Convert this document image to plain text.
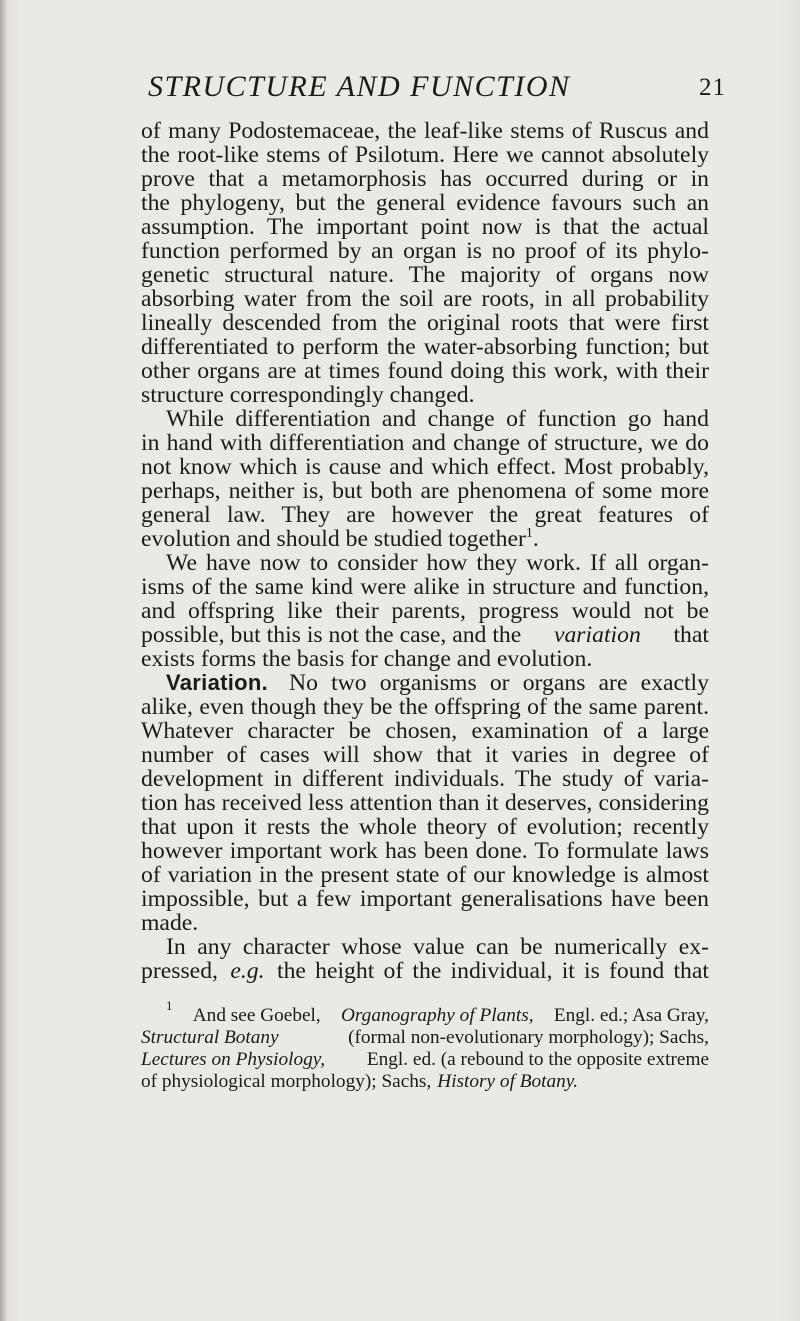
STRUCTURE AND FUNCTION	21
of many Podostemaceae, the leaf-like stems of Ruscus and
the root-like stems of Psilotum. Here we cannot absolutely
prove that a metamorphosis has occurred during or in
the phylogeny, but the general evidence favours such an
assumption. The important point now is that the actual
function performed by an organ is no proof of its phylo-
genetic structural nature. The majority of organs now
absorbing water from the soil are roots, in all probability
lineally descended from the original roots that were first
differentiated to perform the water-absorbing function; but
other organs are at times found doing this work, with their
structure correspondingly changed.
While differentiation and change of function go hand
in hand with differentiation and change of structure, we do
not know which is cause and which effect. Most probably,
perhaps, neither is, but both are phenomena of some more
general law. They are however the great features of
evolution and should be studied together$^1$.
We have now to consider how they work. If all organ-
isms of the same kind were alike in structure and function,
and offspring like their parents, progress would not be
possible, but this is not the case, and the variation that
exists forms the basis for change and evolution.
Variation. No two organisms or organs are exactly
alike, even though they be the offspring of the same parent.
Whatever character be chosen, examination of a large
number of cases will show that it varies in degree of
development in different individuals. The study of varia-
tion has received less attention than it deserves, considering
that upon it rests the whole theory of evolution; recently
however important work has been done. To formulate laws
of variation in the present state of our knowledge is almost
impossible, but a few important generalisations have been
made.
In any character whose value can be numerically ex-
pressed, e.g. the height of the individual, it is found that
1 And see Goebel, Organography of Plants, Engl. ed.; Asa Gray,
Structural Botany	(formal non-evolutionary morphology); Sachs,
Lectures on Physiology, Engl. ed. (a rebound to the opposite extreme
of physiological morphology); Sachs, History of Botany.
